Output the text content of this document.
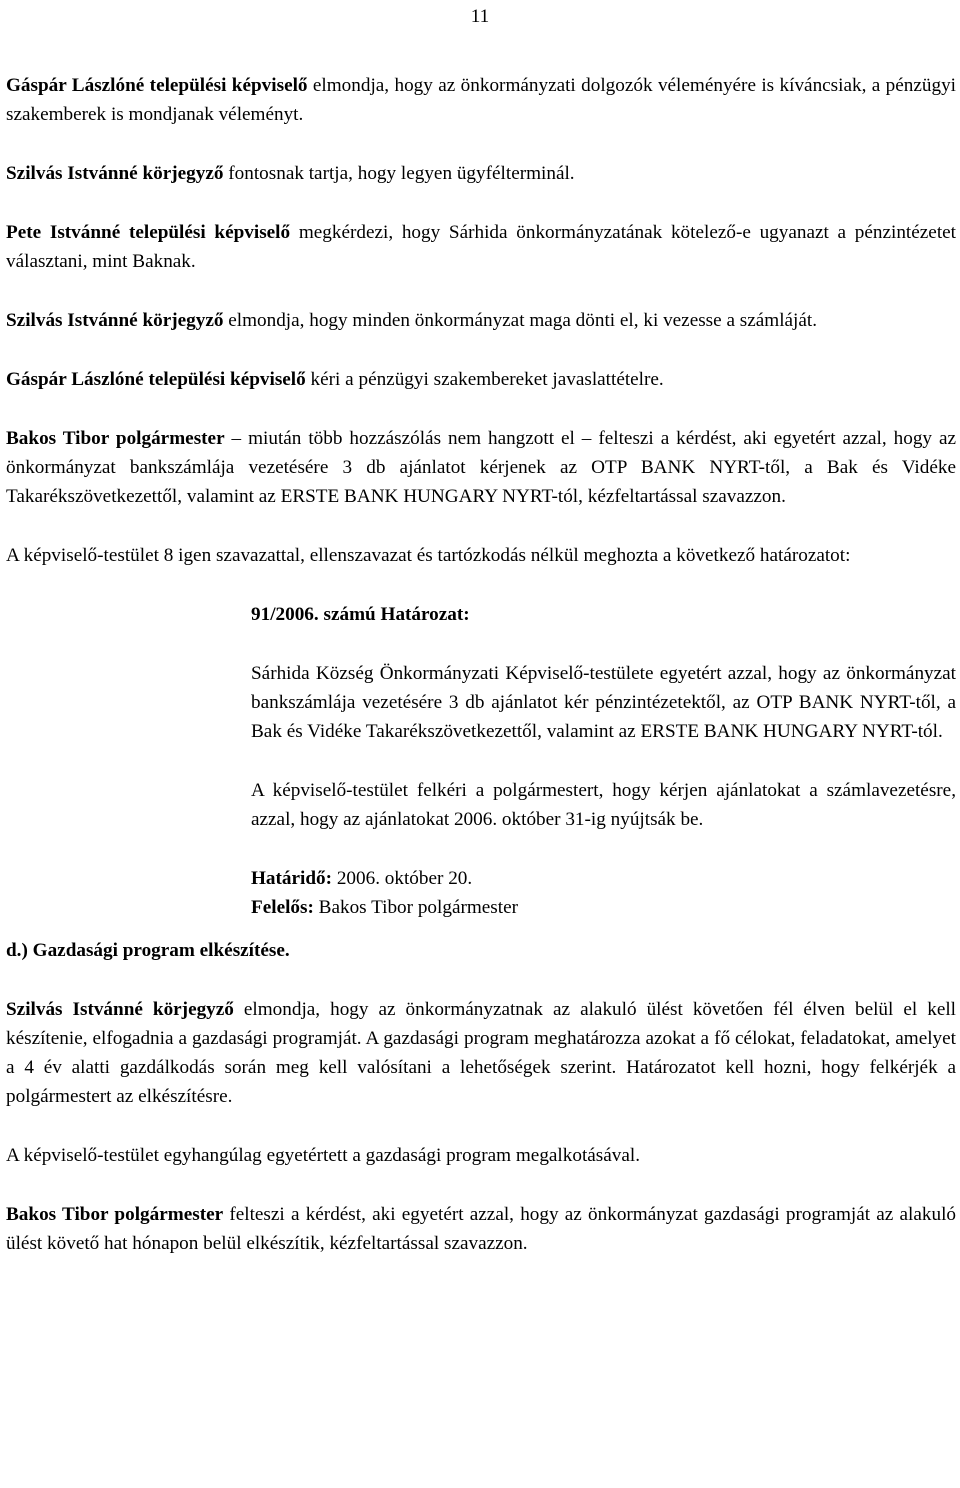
11

Gáspár Lászlóné települési képviselő elmondja, hogy az önkormányzati dolgozók véleményére is kíváncsiak, a pénzügyi szakemberek is mondjanak véleményt.

Szilvás Istvánné körjegyző fontosnak tartja, hogy legyen ügyfélterminál.

Pete Istvánné települési képviselő megkérdezi, hogy Sárhida önkormányzatának kötelező-e ugyanazt a pénzintézetet választani, mint Baknak.

Szilvás Istvánné körjegyző elmondja, hogy minden önkormányzat maga dönti el, ki vezesse a számláját.

Gáspár Lászlóné települési képviselő kéri a pénzügyi szakembereket javaslattételre.

Bakos Tibor polgármester – miután több hozzászólás nem hangzott el – felteszi a kérdést, aki egyetért azzal, hogy az önkormányzat bankszámlája vezetésére 3 db ajánlatot kérjenek az OTP BANK NYRT-től, a Bak és Vidéke Takarékszövetkezettől, valamint az ERSTE BANK HUNGARY NYRT-tól, kézfeltartással szavazzon.

A képviselő-testület 8 igen szavazattal, ellenszavazat és tartózkodás nélkül meghozta a következő határozatot:

91/2006. számú Határozat:

Sárhida Község Önkormányzati Képviselő-testülete egyetért azzal, hogy az önkormányzat bankszámlája vezetésére 3 db ajánlatot kér pénzintézetektől, az OTP BANK NYRT-től, a Bak és Vidéke Takarékszövetkezettől, valamint az ERSTE BANK HUNGARY NYRT-tól.

A képviselő-testület felkéri a polgármestert, hogy kérjen ajánlatokat a számlavezetésre, azzal, hogy az ajánlatokat 2006. október 31-ig nyújtsák be.

Határidő: 2006. október 20.

Felelős: Bakos Tibor polgármester

d.) Gazdasági program elkészítése.

Szilvás Istvánné körjegyző elmondja, hogy az önkormányzatnak az alakuló ülést követően fél élven belül el kell készítenie, elfogadnia a gazdasági programját. A gazdasági program meghatározza azokat a fő célokat, feladatokat, amelyet a 4 év alatti gazdálkodás során meg kell valósítani a lehetőségek szerint. Határozatot kell hozni, hogy felkérjék a polgármestert az elkészítésre.

A képviselő-testület egyhangúlag egyetértett a gazdasági program megalkotásával.

Bakos Tibor polgármester felteszi a kérdést, aki egyetért azzal, hogy az önkormányzat gazdasági programját az alakuló ülést követő hat hónapon belül elkészítik, kézfeltartással szavazzon.
